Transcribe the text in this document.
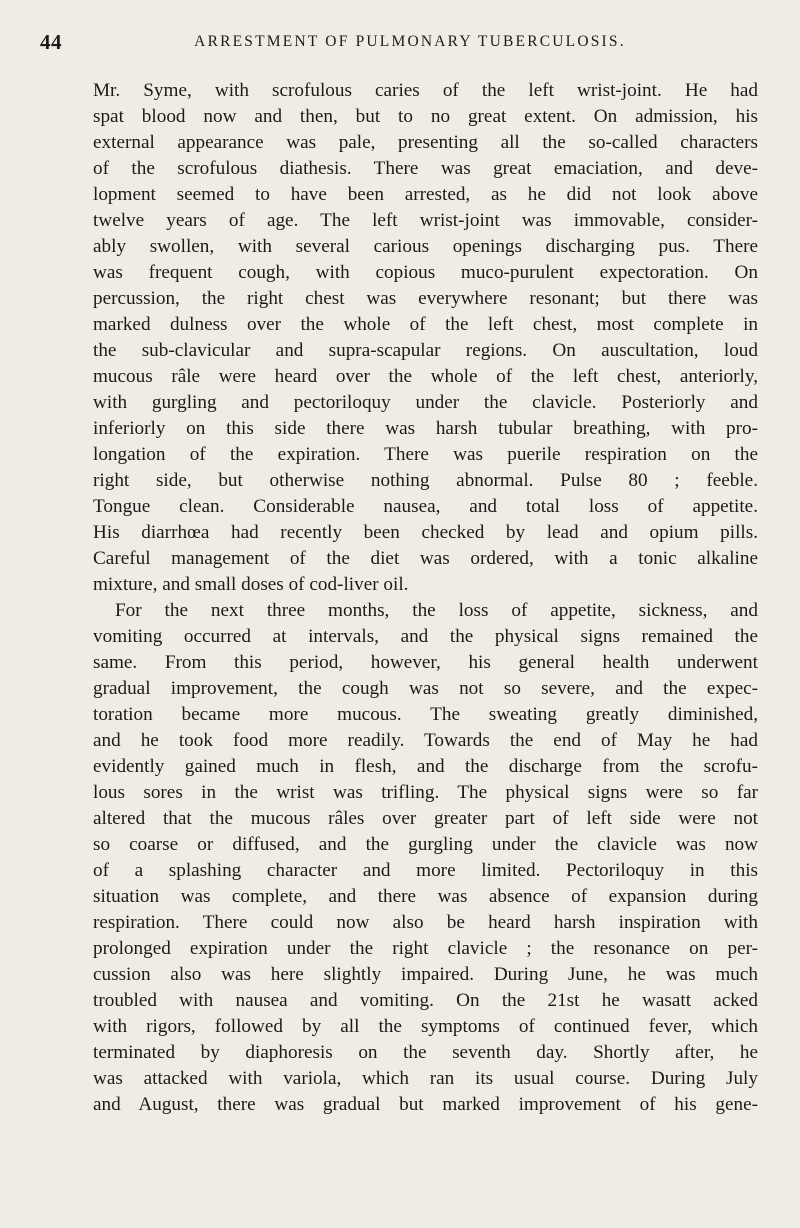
44	ARRESTMENT OF PULMONARY TUBERCULOSIS.
Mr. Syme, with scrofulous caries of the left wrist-joint. He had
spat blood now and then, but to no great extent. On admission, his
external appearance was pale, presenting all the so-called characters
of the scrofulous diathesis. There was great emaciation, and deve-
lopment seemed to have been arrested, as he did not look above
twelve years of age. The left wrist-joint was immovable, consider-
ably swollen, with several carious openings discharging pus. There
was frequent cough, with copious muco-purulent expectoration. On
percussion, the right chest was everywhere resonant; but there was
marked dulness over the whole of the left chest, most complete in
the sub-clavicular and supra-scapular regions. On auscultation, loud
mucous râle were heard over the whole of the left chest, anteriorly,
with gurgling and pectoriloquy under the clavicle. Posteriorly and
inferiorly on this side there was harsh tubular breathing, with pro-
longation of the expiration. There was puerile respiration on the
right side, but otherwise nothing abnormal. Pulse 80 ; feeble.
Tongue clean. Considerable nausea, and total loss of appetite.
His diarrhœa had recently been checked by lead and opium pills.
Careful management of the diet was ordered, with a tonic alkaline
mixture, and small doses of cod-liver oil.
For the next three months, the loss of appetite, sickness, and
vomiting occurred at intervals, and the physical signs remained the
same. From this period, however, his general health underwent
gradual improvement, the cough was not so severe, and the expec-
toration became more mucous. The sweating greatly diminished,
and he took food more readily. Towards the end of May he had
evidently gained much in flesh, and the discharge from the scrofu-
lous sores in the wrist was trifling. The physical signs were so far
altered that the mucous râles over greater part of left side were not
so coarse or diffused, and the gurgling under the clavicle was now
of a splashing character and more limited. Pectoriloquy in this
situation was complete, and there was absence of expansion during
respiration. There could now also be heard harsh inspiration with
prolonged expiration under the right clavicle ; the resonance on per-
cussion also was here slightly impaired. During June, he was much
troubled with nausea and vomiting. On the 21st he wasatt acked
with rigors, followed by all the symptoms of continued fever, which
terminated by diaphoresis on the seventh day. Shortly after, he
was attacked with variola, which ran its usual course. During July
and August, there was gradual but marked improvement of his gene-
